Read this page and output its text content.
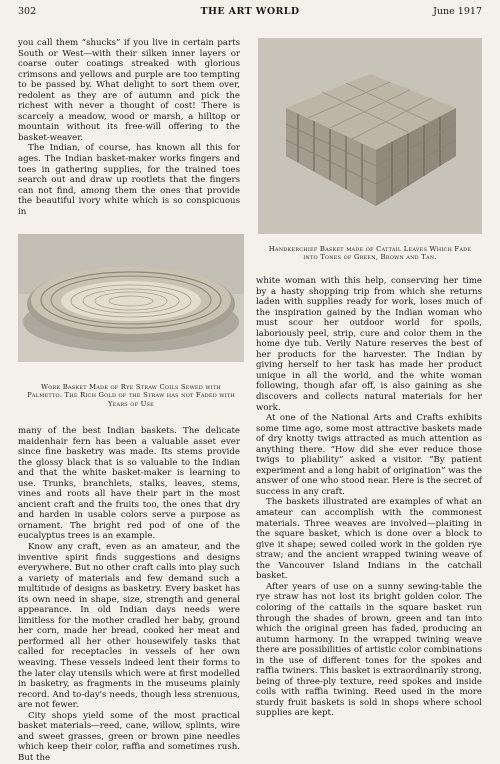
302	THE ART WORLD	June 1917

you call them “shucks” if you live in certain parts South or West—with their silken inner layers or coarse outer coatings streaked with glorious crimsons and yellows and purple are too tempting to be passed by. What delight to sort them over, redolent as they are of autumn and pick the richest with never a thought of cost! There is scarcely a meadow, wood or marsh, a hilltop or mountain without its free-will offering to the basket-weaver.

The Indian, of course, has known all this for ages. The Indian basket-maker works fingers and toes in gathering supplies, for the trained toes search out and draw up rootlets that the fingers can not find, among them the ones that provide the beautiful ivory white which is so conspicuous in

Work Basket Made of Rye Straw Coils Sewed with Palmetto. The Rich Gold of the Straw has not Faded with Years of Use

many of the best Indian baskets. The delicate maidenhair fern has been a valuable asset ever since fine basketry was made. Its stems provide the glossy black that is so valuable to the Indian and that the white basket-maker is learning to use. Trunks, branchlets, stalks, leaves, stems, vines and roots all have their part in the most ancient craft and the fruits too, the ones that dry and harden in usable colors serve a purpose as ornament. The bright red pod of one of the eucalyptus trees is an example.

Know any craft, even as an amateur, and the inventive spirit finds suggestions and designs everywhere. But no other craft calls into play such a variety of materials and few demand such a multitude of designs as basketry. Every basket has its own need in shape, size, strength and general appearance. In old Indian days needs were limitless for the mother cradled her baby, ground her corn, made her bread, cooked her meat and performed all her other housewifely tasks that called for receptacles in vessels of her own weaving. These vessels indeed lent their forms to the later clay utensils which were at first modelled in basketry, as fragments in the museums plainly record. And to-day's needs, though less strenuous, are not fewer.

City shops yield some of the most practical basket materials—reed, cane, willow, splints, wire and sweet grasses, green or brown pine needles which keep their color, raffia and sometimes rush. But the

Handkerchief Basket made of Cattail Leaves Which Fade into Tones of Green, Brown and Tan.

white woman with this help, conserving her time by a hasty shopping trip from which she returns laden with supplies ready for work, loses much of the inspiration gained by the Indian woman who must scour her outdoor world for spoils, laboriously peel, strip, cure and color them in the home dye tub. Verily Nature reserves the best of her products for the harvester. The Indian by giving herself to her task has made her product unique in all the world, and the white woman following, though afar off, is also gaining as she discovers and collects natural materials for her work.

At one of the National Arts and Crafts exhibits some time ago, some most attractive baskets made of dry knotty twigs attracted as much attention as anything there. “How did she ever reduce those twigs to pliability” asked a visitor. “By patient experiment and a long habit of origination” was the answer of one who stood near. Here is the secret of success in any craft.

The baskets illustrated are examples of what an amateur can accomplish with the commonest materials. Three weaves are involved—plaiting in the square basket, which is done over a block to give it shape; sewed coiled work in the golden rye straw; and the ancient wrapped twining weave of the Vancouver Island Indians in the catchall basket.

After years of use on a sunny sewing-table the rye straw has not lost its bright golden color. The coloring of the cattails in the square basket run through the shades of brown, green and tan into which the original green has faded, producing an autumn harmony. In the wrapped twining weave there are possibilities of artistic color combinations in the use of different tones for the spokes and raffia twiners. This basket is extraordinarily strong, being of three-ply texture, reed spokes and inside coils with raffia twining. Reed used in the more sturdy fruit baskets is sold in shops where school supplies are kept.
